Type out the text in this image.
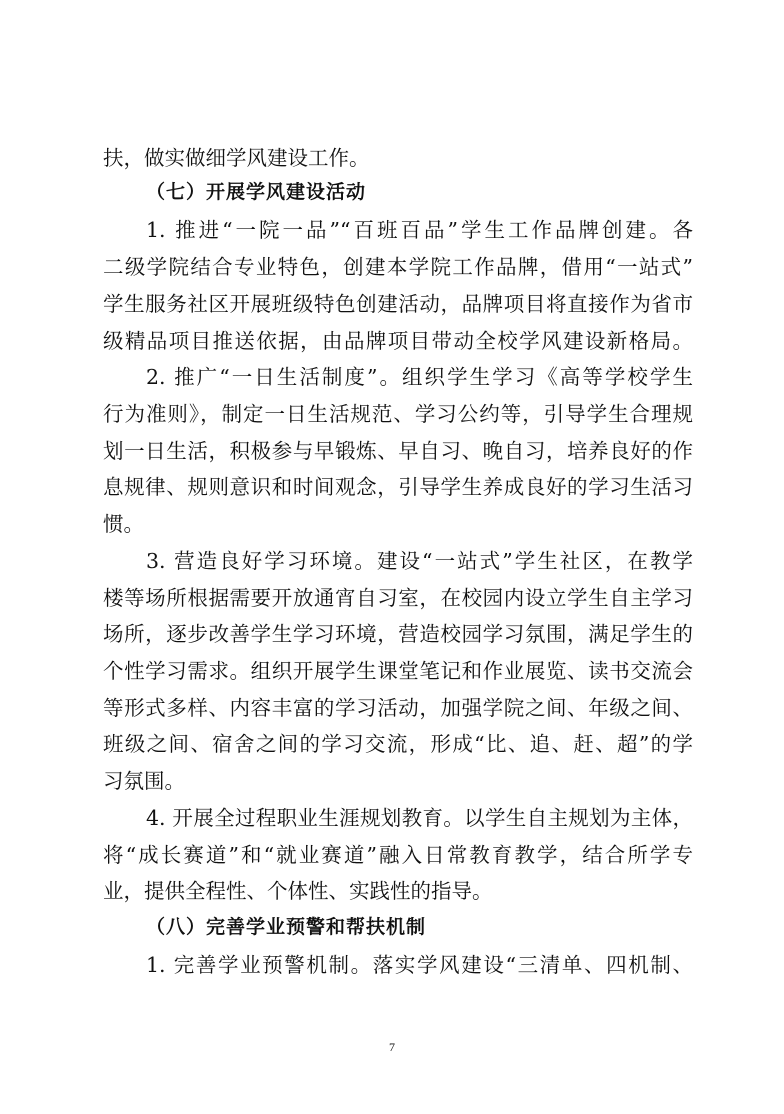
扶，做实做细学风建设工作。
（七）开展学风建设活动
1. 推进“一院一品”“百班百品”学生工作品牌创建。各
二级学院结合专业特色，创建本学院工作品牌，借用“一站式”
学生服务社区开展班级特色创建活动，品牌项目将直接作为省市
级精品项目推送依据，由品牌项目带动全校学风建设新格局。
2. 推广“一日生活制度”。组织学生学习《高等学校学生
行为准则》，制定一日生活规范、学习公约等，引导学生合理规
划一日生活，积极参与早锻炼、早自习、晚自习，培养良好的作
息规律、规则意识和时间观念，引导学生养成良好的学习生活习
惯。
3. 营造良好学习环境。建设“一站式”学生社区，在教学
楼等场所根据需要开放通宵自习室，在校园内设立学生自主学习
场所，逐步改善学生学习环境，营造校园学习氛围，满足学生的
个性学习需求。组织开展学生课堂笔记和作业展览、读书交流会
等形式多样、内容丰富的学习活动，加强学院之间、年级之间、
班级之间、宿舍之间的学习交流，形成“比、追、赶、超”的学
习氛围。
4. 开展全过程职业生涯规划教育。以学生自主规划为主体，
将“成长赛道”和“就业赛道”融入日常教育教学，结合所学专
业，提供全程性、个体性、实践性的指导。
（八）完善学业预警和帮扶机制
1. 完善学业预警机制。落实学风建设“三清单、四机制、
7
